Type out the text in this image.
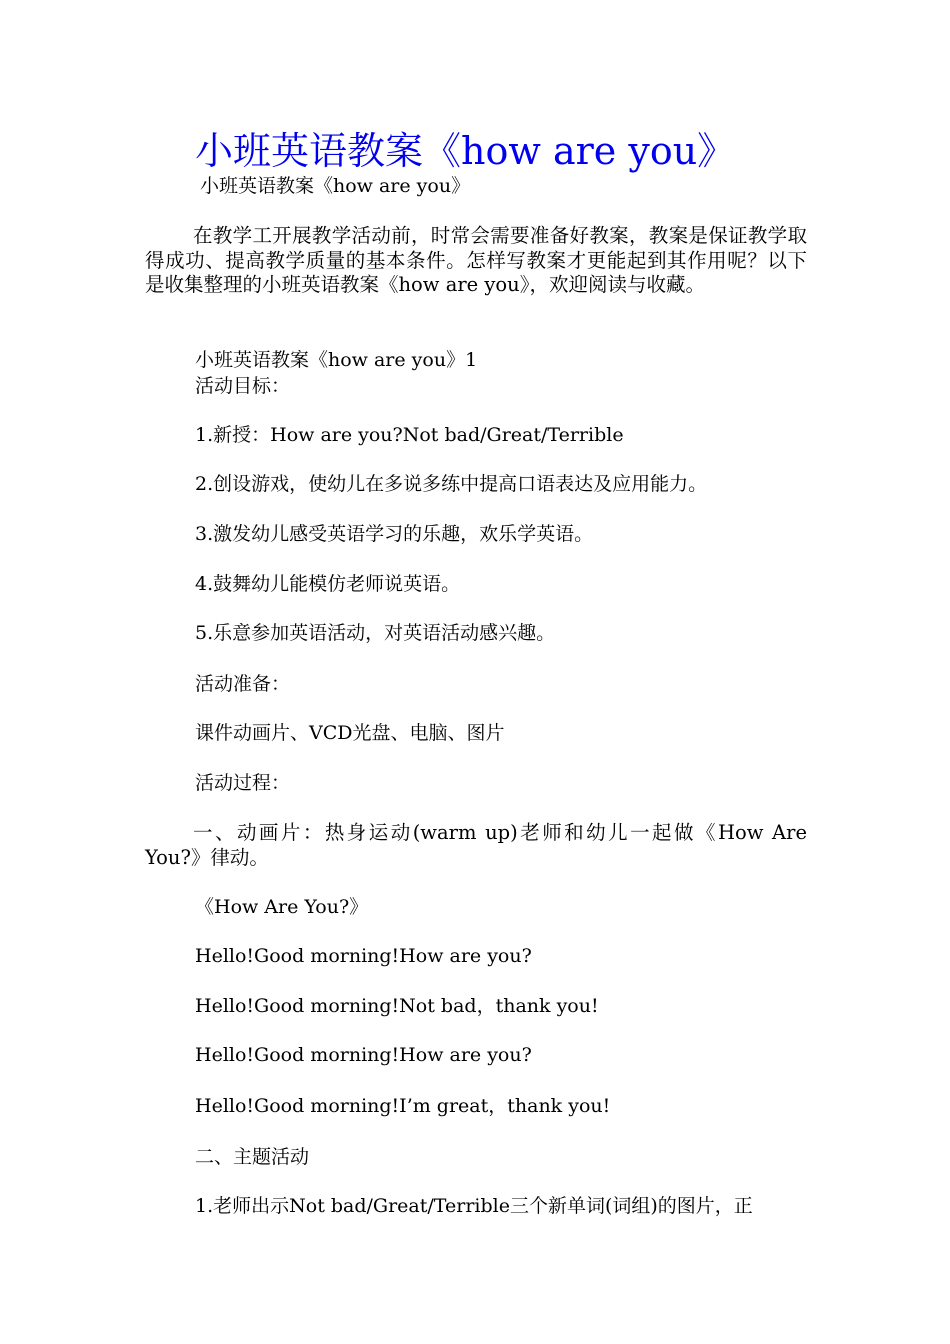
小班英语教案《how are you》
小班英语教案《how are you》
在教学工开展教学活动前，时常会需要准备好教案，教案是保证教学取得成功、提高教学质量的基本条件。怎样写教案才更能起到其作用呢？以下是收集整理的小班英语教案《how are you》，欢迎阅读与收藏。
小班英语教案《how are you》1
活动目标：
1.新授：How are you?Not bad/Great/Terrible
2.创设游戏，使幼儿在多说多练中提高口语表达及应用能力。
3.激发幼儿感受英语学习的乐趣，欢乐学英语。
4.鼓舞幼儿能模仿老师说英语。
5.乐意参加英语活动，对英语活动感兴趣。
活动准备：
课件动画片、VCD光盘、电脑、图片
活动过程：
一、动画片：热身运动(warm up)老师和幼儿一起做《How Are You?》律动。
《How Are You?》
Hello!Good morning!How are you?
Hello!Good morning!Not bad，thank you!
Hello!Good morning!How are you?
Hello!Good morning!I’m great，thank you!
二、主题活动
1.老师出示Not bad/Great/Terrible三个新单词(词组)的图片，正
